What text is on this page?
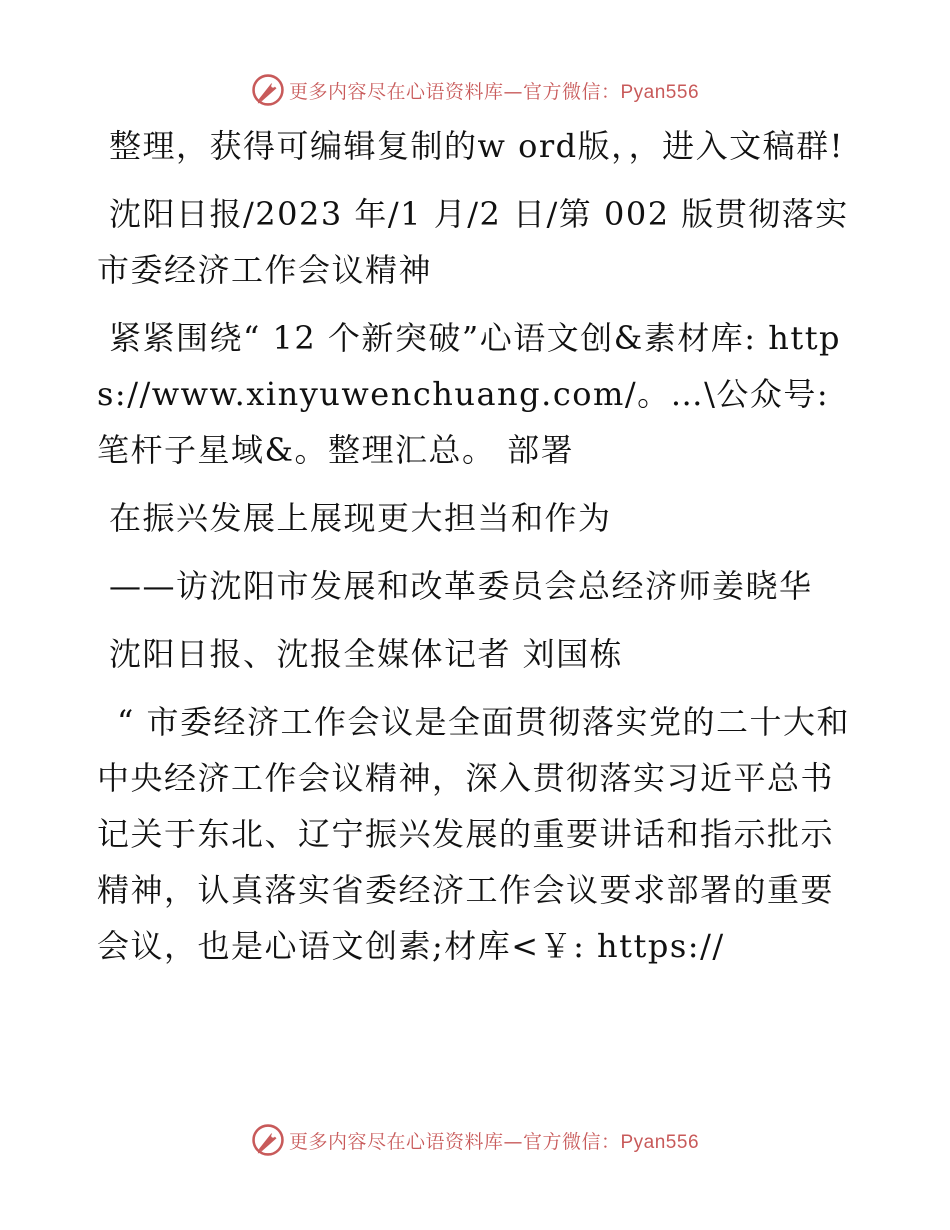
更多内容尽在心语资料库—官方微信：Pyan556

整理，获得可编辑复制的w ord版，，进入文稿群!

沈阳日报/2023 年/1 月/2 日/第 002 版贯彻落实市委经济工作会议精神

紧紧围绕“ 12 个新突破”心语文创&素材库: https://www.xinyuwenchuang.com/。…\公众号:笔杆子星域&。整理汇总。 部署

在振兴发展上展现更大担当和作为

——访沈阳市发展和改革委员会总经济师姜晓华

沈阳日报、沈报全媒体记者 刘国栋

“ 市委经济工作会议是全面贯彻落实党的二十大和中央经济工作会议精神，深入贯彻落实习近平总书记关于东北、辽宁振兴发展的重要讲话和指示批示精神，认真落实省委经济工作会议要求部署的重要会议，也是心语文创素;材库<￥: https://

更多内容尽在心语资料库—官方微信：Pyan556
